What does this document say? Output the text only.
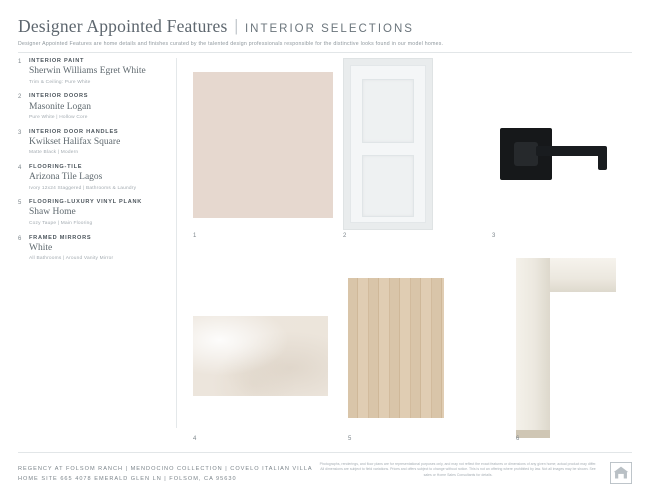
Designer Appointed Features | INTERIOR SELECTIONS
Designer Appointed Features are home details and finishes curated by the talented design professionals responsible for the distinctive looks found in our model homes.
1	INTERIOR PAINT
Sherwin Williams Egret White
Trim & Ceiling: Pure White
2	INTERIOR DOORS
Masonite Logan
Pure White | Hollow Core
3	INTERIOR DOOR HANDLES
Kwikset Halifax Square
Matte Black | Modern
4	FLOORING-TILE
Arizona Tile Lagos
Ivory 12x24 Staggered | Bathrooms & Laundry
5	FLOORING-LUXURY VINYL PLANK
Shaw Home
Cozy Taupe | Main Flooring
6	FRAMED MIRRORS
White
All Bathrooms | Around Vanity Mirror
1	2	3
4	5	6
REGENCY AT FOLSOM RANCH | MENDOCINO COLLECTION | COVELO ITALIAN VILLA
HOME SITE 665 4078 EMERALD GLEN LN | FOLSOM, CA 95630
Photographs, renderings, and floor plans are for representational purposes only, and may not reflect the exact features or dimensions of any given home; actual product may differ. All dimensions are subject to field variations. Prices and offers subject to change without notice. This is not an offering where prohibited by law. Not all images may be shown. See sales or Home Sales Consultants for details.
